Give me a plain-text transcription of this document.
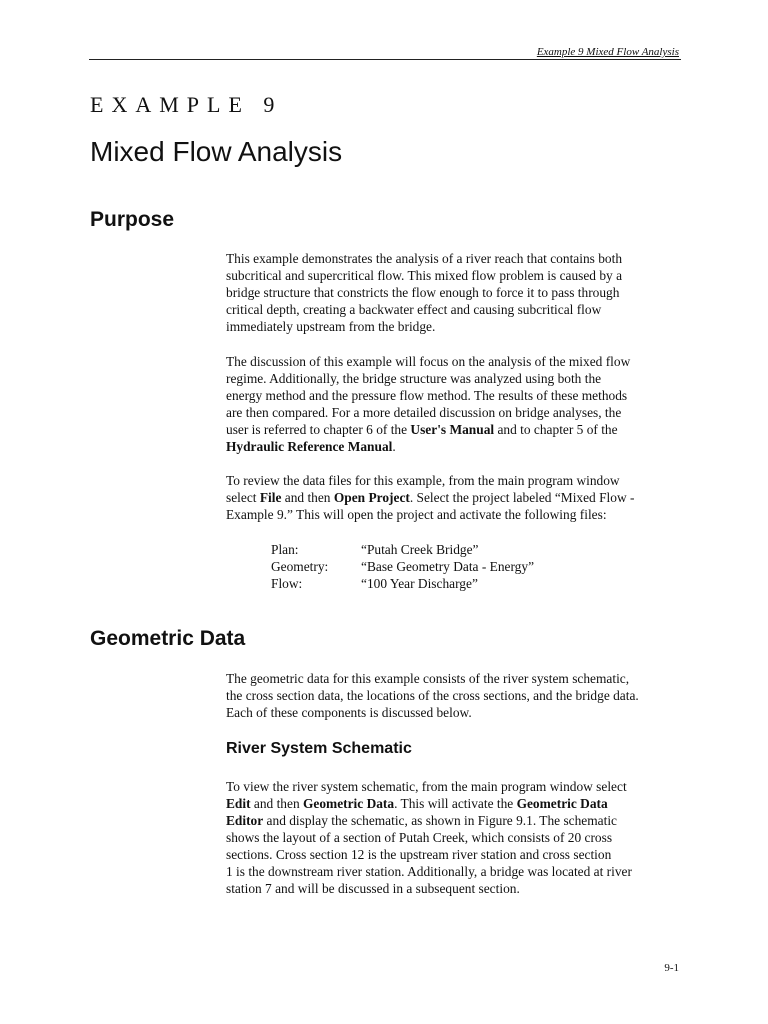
Example 9 Mixed Flow Analysis
EXAMPLE 9
Mixed Flow Analysis
Purpose

This example demonstrates the analysis of a river reach that contains both
subcritical and supercritical flow. This mixed flow problem is caused by a
bridge structure that constricts the flow enough to force it to pass through
critical depth, creating a backwater effect and causing subcritical flow
immediately upstream from the bridge.

The discussion of this example will focus on the analysis of the mixed flow
regime. Additionally, the bridge structure was analyzed using both the
energy method and the pressure flow method. The results of these methods
are then compared. For a more detailed discussion on bridge analyses, the
user is referred to chapter 6 of the User's Manual and to chapter 5 of the
Hydraulic Reference Manual.

To review the data files for this example, from the main program window
select File and then Open Project. Select the project labeled “Mixed Flow -
Example 9.” This will open the project and activate the following files:

Plan:	“Putah Creek Bridge”
Geometry: “Base Geometry Data - Energy”
Flow:	“100 Year Discharge”
Geometric Data

The geometric data for this example consists of the river system schematic,
the cross section data, the locations of the cross sections, and the bridge data.
Each of these components is discussed below.

River System Schematic

To view the river system schematic, from the main program window select
Edit and then Geometric Data. This will activate the Geometric Data
Editor and display the schematic, as shown in Figure 9.1. The schematic
shows the layout of a section of Putah Creek, which consists of 20 cross
sections. Cross section 12 is the upstream river station and cross section
1 is the downstream river station. Additionally, a bridge was located at river
station 7 and will be discussed in a subsequent section.

9-1
